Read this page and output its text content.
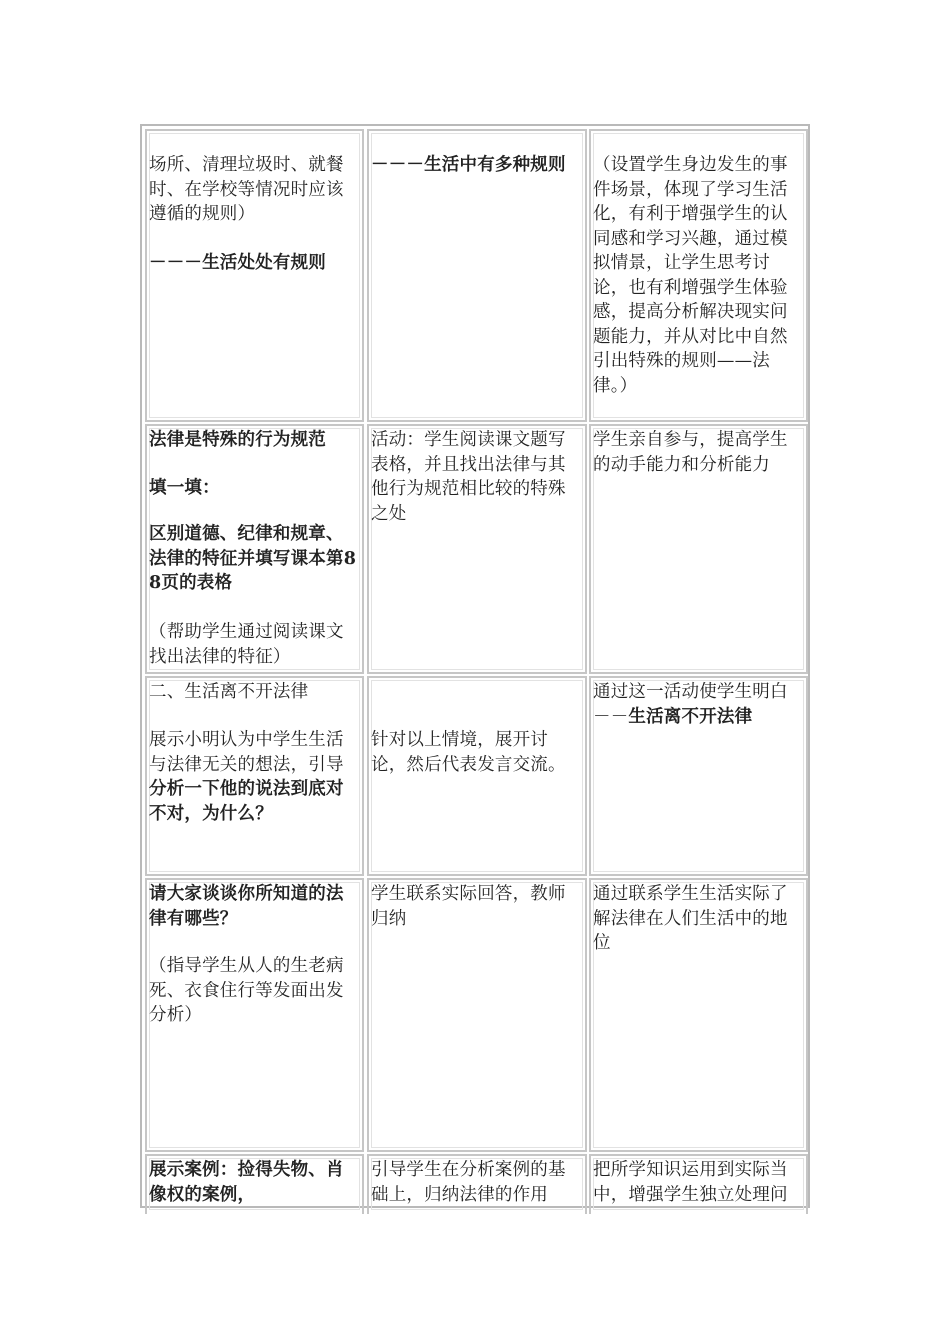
场所、清理垃圾时、就餐时、在学校等情况时应该遵循的规则）
－－－生活处处有规则
－－－生活中有多种规则	（设置学生身边发生的事件场景，体现了学习生活化，有利于增强学生的认同感和学习兴趣，通过模拟情景，让学生思考讨论，也有利增强学生体验感，提高分析解决现实问题能力，并从对比中自然引出特殊的规则——法律。）
法律是特殊的行为规范
填一填：
区别道德、纪律和规章、法律的特征并填写课本第88页的表格
（帮助学生通过阅读课文找出法律的特征）
活动：学生阅读课文题写表格，并且找出法律与其他行为规范相比较的特殊之处
学生亲自参与，提高学生的动手能力和分析能力
二、生活离不开法律
展示小明认为中学生生活与法律无关的想法，引导分析一下他的说法到底对不对，为什么？
针对以上情境，展开讨论，然后代表发言交流。
通过这一活动使学生明白－－生活离不开法律
请大家谈谈你所知道的法律有哪些？
（指导学生从人的生老病死、衣食住行等发面出发分析）
学生联系实际回答，教师归纳
通过联系学生生活实际了解法律在人们生活中的地位
展示案例：捡得失物、肖像权的案例，
引导学生在分析案例的基础上，归纳法律的作用
把所学知识运用到实际当中，增强学生独立处理问
